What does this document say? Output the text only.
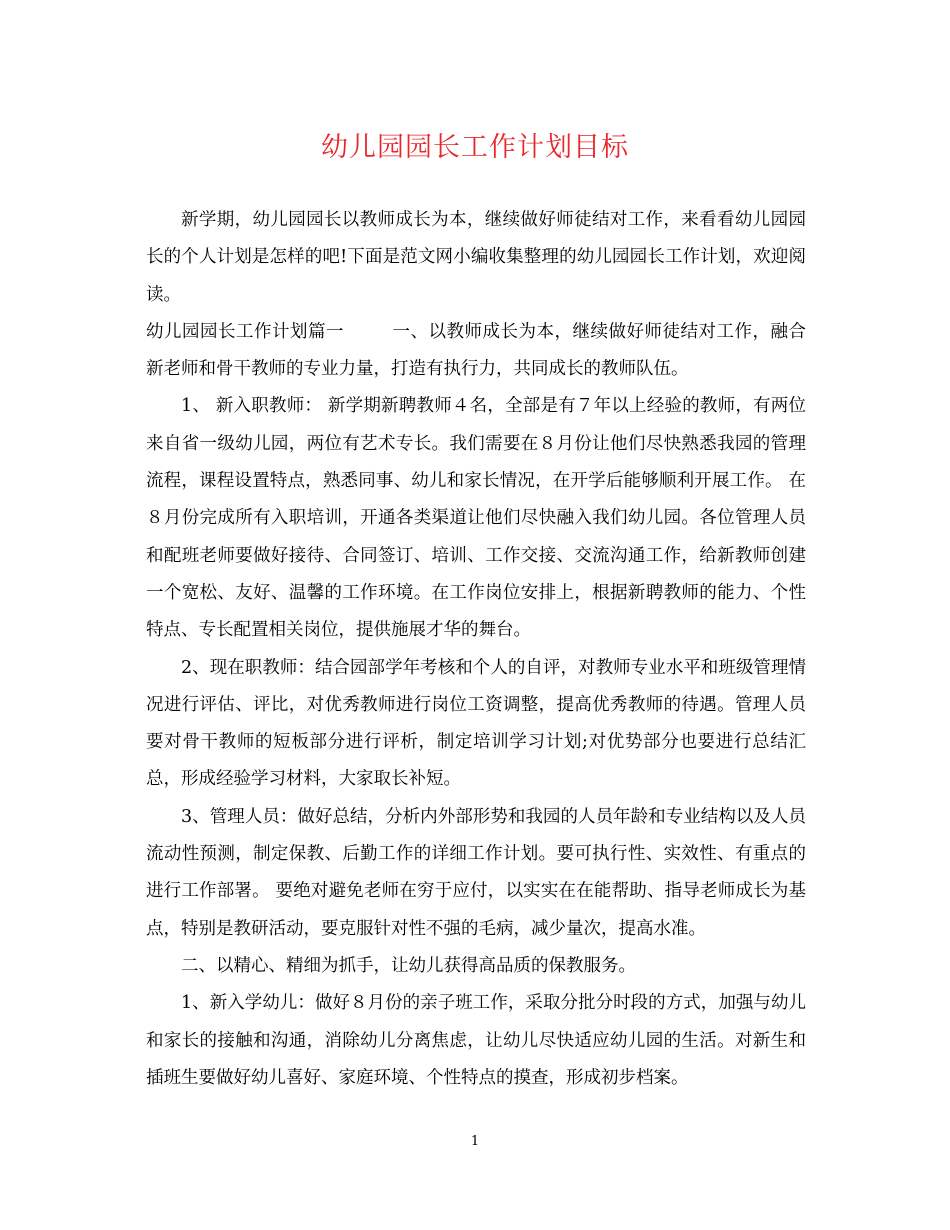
幼儿园园长工作计划目标

新学期，幼儿园园长以教师成长为本，继续做好师徒结对工作，来看看幼儿园园长的个人计划是怎样的吧!下面是范文网小编收集整理的幼儿园园长工作计划，欢迎阅读。

幼儿园园长工作计划篇一	一、以教师成长为本，继续做好师徒结对工作，融合新老师和骨干教师的专业力量，打造有执行力，共同成长的教师队伍。

1、 新入职教师： 新学期新聘教师４名，全部是有７年以上经验的教师，有两位来自省一级幼儿园，两位有艺术专长。我们需要在８月份让他们尽快熟悉我园的管理流程，课程设置特点，熟悉同事、幼儿和家长情况，在开学后能够顺利开展工作。 在８月份完成所有入职培训，开通各类渠道让他们尽快融入我们幼儿园。各位管理人员和配班老师要做好接待、合同签订、培训、工作交接、交流沟通工作，给新教师创建一个宽松、友好、温馨的工作环境。在工作岗位安排上，根据新聘教师的能力、个性特点、专长配置相关岗位，提供施展才华的舞台。

2、现在职教师：结合园部学年考核和个人的自评，对教师专业水平和班级管理情况进行评估、评比，对优秀教师进行岗位工资调整，提高优秀教师的待遇。管理人员要对骨干教师的短板部分进行评析，制定培训学习计划;对优势部分也要进行总结汇总，形成经验学习材料，大家取长补短。

3、管理人员：做好总结，分析内外部形势和我园的人员年龄和专业结构以及人员流动性预测，制定保教、后勤工作的详细工作计划。要可执行性、实效性、有重点的进行工作部署。 要绝对避免老师在穷于应付，以实实在在能帮助、指导老师成长为基点，特别是教研活动，要克服针对性不强的毛病，减少量次，提高水准。

二、以精心、精细为抓手，让幼儿获得高品质的保教服务。

1、新入学幼儿：做好８月份的亲子班工作，采取分批分时段的方式，加强与幼儿和家长的接触和沟通，消除幼儿分离焦虑，让幼儿尽快适应幼儿园的生活。对新生和插班生要做好幼儿喜好、家庭环境、个性特点的摸查，形成初步档案。

1
